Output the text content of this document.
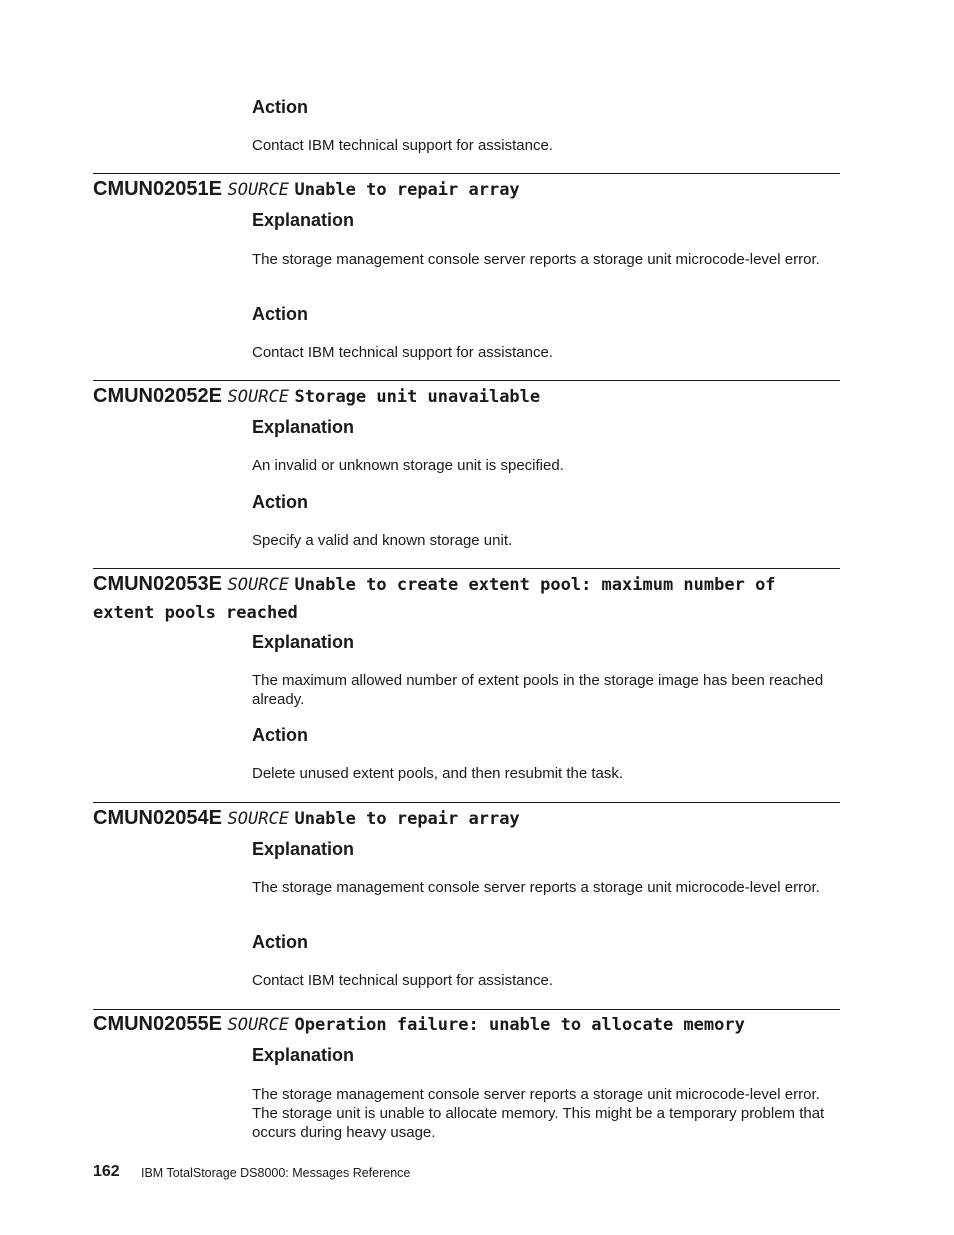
Action

Contact IBM technical support for assistance.

CMUN02051E SOURCE Unable to repair array
Explanation

The storage management console server reports a storage unit microcode-level error.

Action

Contact IBM technical support for assistance.

CMUN02052E SOURCE Storage unit unavailable
Explanation

An invalid or unknown storage unit is specified.

Action

Specify a valid and known storage unit.

CMUN02053E SOURCE Unable to create extent pool: maximum number of extent pools reached
Explanation

The maximum allowed number of extent pools in the storage image has been reached already.

Action

Delete unused extent pools, and then resubmit the task.

CMUN02054E SOURCE Unable to repair array
Explanation

The storage management console server reports a storage unit microcode-level error.

Action

Contact IBM technical support for assistance.

CMUN02055E SOURCE Operation failure: unable to allocate memory
Explanation

The storage management console server reports a storage unit microcode-level error. The storage unit is unable to allocate memory. This might be a temporary problem that occurs during heavy usage.

162 IBM TotalStorage DS8000: Messages Reference
